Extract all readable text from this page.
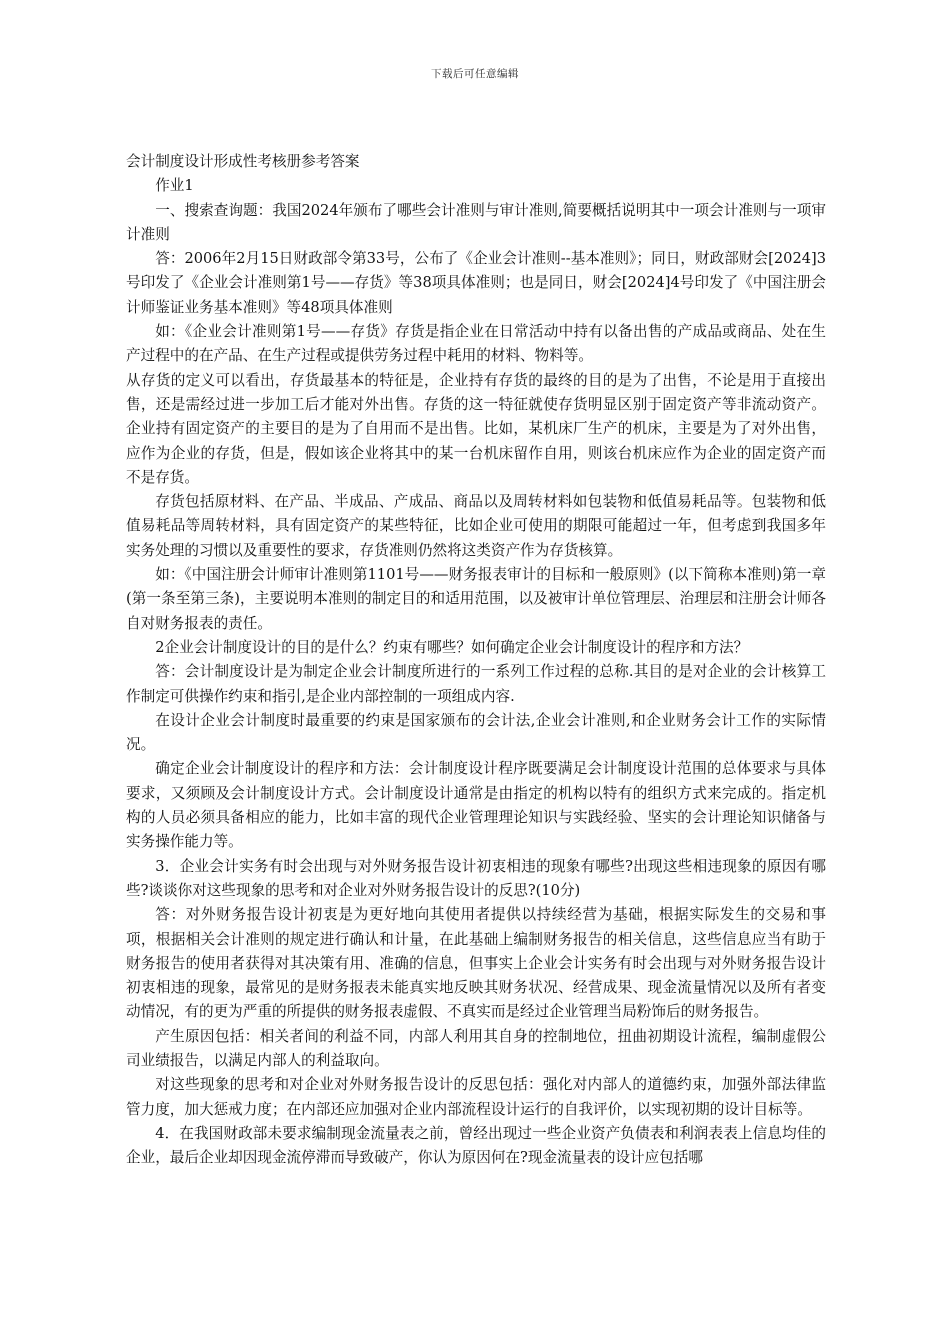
下载后可任意编辑

会计制度设计形成性考核册参考答案

作业1

一、搜索查询题：我国2024年颁布了哪些会计准则与审计准则,简要概括说明其中一项会计准则与一项审计准则

答：2006年2月15日财政部令第33号，公布了《企业会计准则--基本准则》；同日，财政部财会[2024]3号印发了《企业会计准则第1号——存货》等38项具体准则；也是同日，财会[2024]4号印发了《中国注册会计师鉴证业务基本准则》等48项具体准则

如：《企业会计准则第1号——存货》存货是指企业在日常活动中持有以备出售的产成品或商品、处在生产过程中的在产品、在生产过程或提供劳务过程中耗用的材料、物料等。

从存货的定义可以看出，存货最基本的特征是，企业持有存货的最终的目的是为了出售，不论是用于直接出售，还是需经过进一步加工后才能对外出售。存货的这一特征就使存货明显区别于固定资产等非流动资产。企业持有固定资产的主要目的是为了自用而不是出售。比如，某机床厂生产的机床，主要是为了对外出售，应作为企业的存货，但是，假如该企业将其中的某一台机床留作自用，则该台机床应作为企业的固定资产而不是存货。

存货包括原材料、在产品、半成品、产成品、商品以及周转材料如包装物和低值易耗品等。包装物和低值易耗品等周转材料，具有固定资产的某些特征，比如企业可使用的期限可能超过一年，但考虑到我国多年实务处理的习惯以及重要性的要求，存货准则仍然将这类资产作为存货核算。

如：《中国注册会计师审计准则第1101号——财务报表审计的目标和一般原则》(以下简称本准则)第一章(第一条至第三条)，主要说明本准则的制定目的和适用范围，以及被审计单位管理层、治理层和注册会计师各自对财务报表的责任。

2企业会计制度设计的目的是什么？约束有哪些？如何确定企业会计制度设计的程序和方法？

答：会计制度设计是为制定企业会计制度所进行的一系列工作过程的总称.其目的是对企业的会计核算工作制定可供操作约束和指引,是企业内部控制的一项组成内容.

在设计企业会计制度时最重要的约束是国家颁布的会计法,企业会计准则,和企业财务会计工作的实际情况。

确定企业会计制度设计的程序和方法：会计制度设计程序既要满足会计制度设计范围的总体要求与具体要求，又须顾及会计制度设计方式。会计制度设计通常是由指定的机构以特有的组织方式来完成的。指定机构的人员必须具备相应的能力，比如丰富的现代企业管理理论知识与实践经验、坚实的会计理论知识储备与实务操作能力等。

3．企业会计实务有时会出现与对外财务报告设计初衷相违的现象有哪些?出现这些相违现象的原因有哪些?谈谈你对这些现象的思考和对企业对外财务报告设计的反思?(10分)

答：对外财务报告设计初衷是为更好地向其使用者提供以持续经营为基础，根据实际发生的交易和事项，根据相关会计准则的规定进行确认和计量，在此基础上编制财务报告的相关信息，这些信息应当有助于财务报告的使用者获得对其决策有用、准确的信息，但事实上企业会计实务有时会出现与对外财务报告设计初衷相违的现象，最常见的是财务报表未能真实地反映其财务状况、经营成果、现金流量情况以及所有者变动情况，有的更为严重的所提供的财务报表虚假、不真实而是经过企业管理当局粉饰后的财务报告。

产生原因包括：相关者间的利益不同，内部人利用其自身的控制地位，扭曲初期设计流程，编制虚假公司业绩报告，以满足内部人的利益取向。

对这些现象的思考和对企业对外财务报告设计的反思包括：强化对内部人的道德约束，加强外部法律监管力度，加大惩戒力度；在内部还应加强对企业内部流程设计运行的自我评价，以实现初期的设计目标等。

4．在我国财政部未要求编制现金流量表之前，曾经出现过一些企业资产负债表和利润表表上信息均佳的企业，最后企业却因现金流停滞而导致破产，你认为原因何在?现金流量表的设计应包括哪
